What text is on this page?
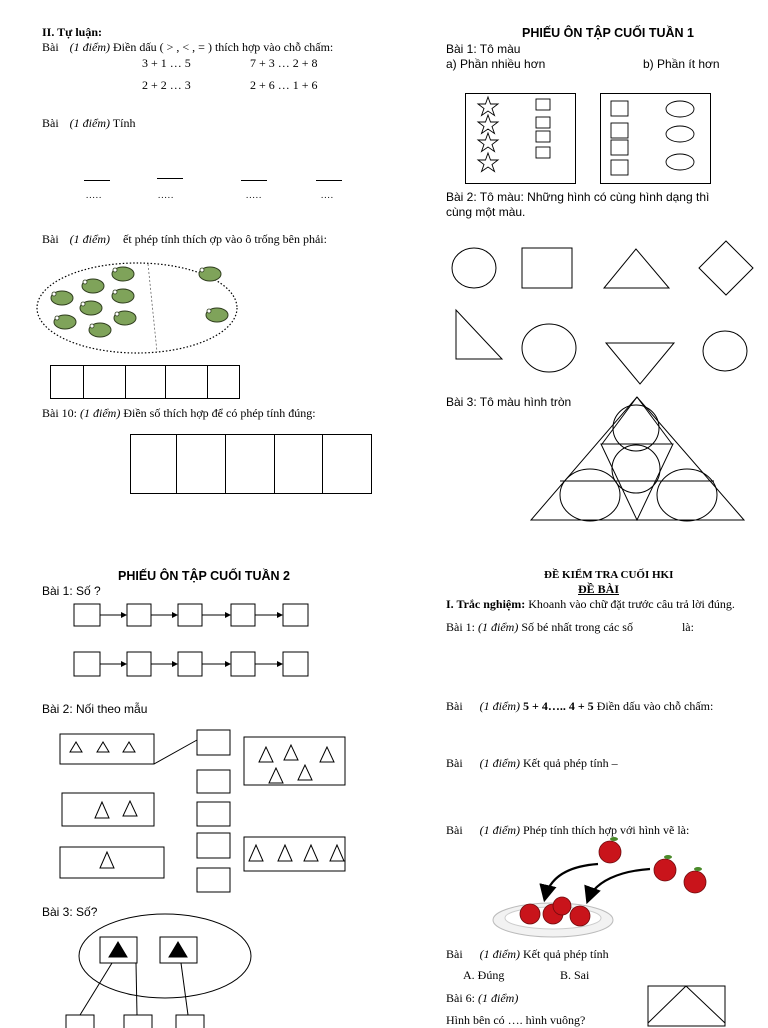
II. Tự luận:
Bài (1 điểm) Điền dấu ( > , < , = ) thích hợp vào chỗ chấm:
3 + 1 … 5	7 + 3 … 2 + 8
2 + 2 … 3	2 + 6 … 1 + 6
Bài (1 điểm) Tính
.....	.....	.....	....
Bài (1 điểm) ết phép tính thích ợp vào ô trống bên phải:
Bài 10: (1 điểm) Điền số thích hợp để có phép tính đúng:
PHIẾU ÔN TẬP CUỐI TUẦN 1
Bài 1: Tô màu
a) Phần nhiều hơn	b) Phần ít hơn
Bài 2: Tô màu: Những hình có cùng hình dạng thì
cùng một màu.
Bài 3: Tô màu hình tròn
PHIẾU ÔN TẬP CUỐI TUẦN 2
Bài 1: Số ?
Bài 2: Nối theo mẫu
Bài 3: Số?
ĐỀ KIỂM TRA CUỐI HKI
ĐỀ BÀI
I. Trắc nghiệm: Khoanh vào chữ đặt trước câu trả lời đúng.
Bài 1: (1 điểm) Số bé nhất trong các số	là:
Bài (1 điểm) 5 + 4….. 4 + 5 Điền dấu vào chỗ chấm:
Bài (1 điểm) Kết quả phép tính –
Bài (1 điểm) Phép tính thích hợp với hình vẽ là:
Bài (1 điểm) Kết quả phép tính
A. Đúng	B. Sai
Bài 6: (1 điểm)
Hình bên có …. hình vuông?
